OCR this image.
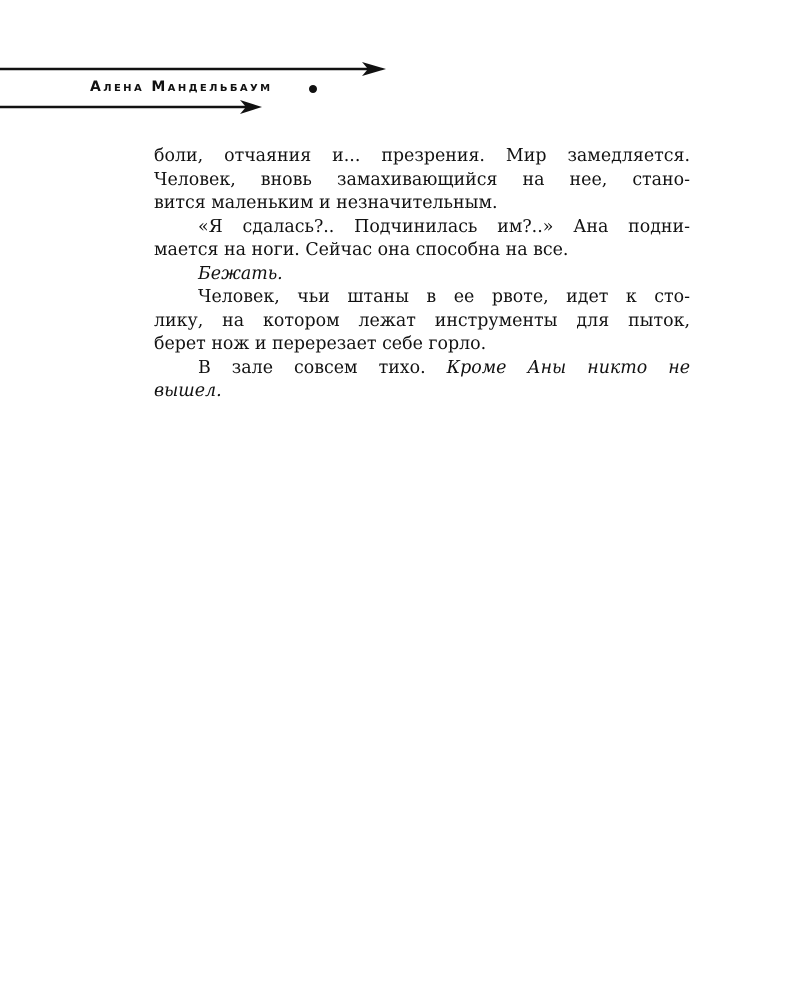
Алена Мандельбаум

боли, отчаяния и... презрения. Мир замедляется.
Человек, вновь замахивающийся на нее, стано-
вится маленьким и незначительным.

«Я сдалась?.. Подчинилась им?..» Ана подни-
мается на ноги. Сейчас она способна на все.

Бежать.

Человек, чьи штаны в ее рвоте, идет к сто-
лику, на котором лежат инструменты для пыток,
берет нож и перерезает себе горло.

В зале совсем тихо. Кроме Аны никто не
вышел.
